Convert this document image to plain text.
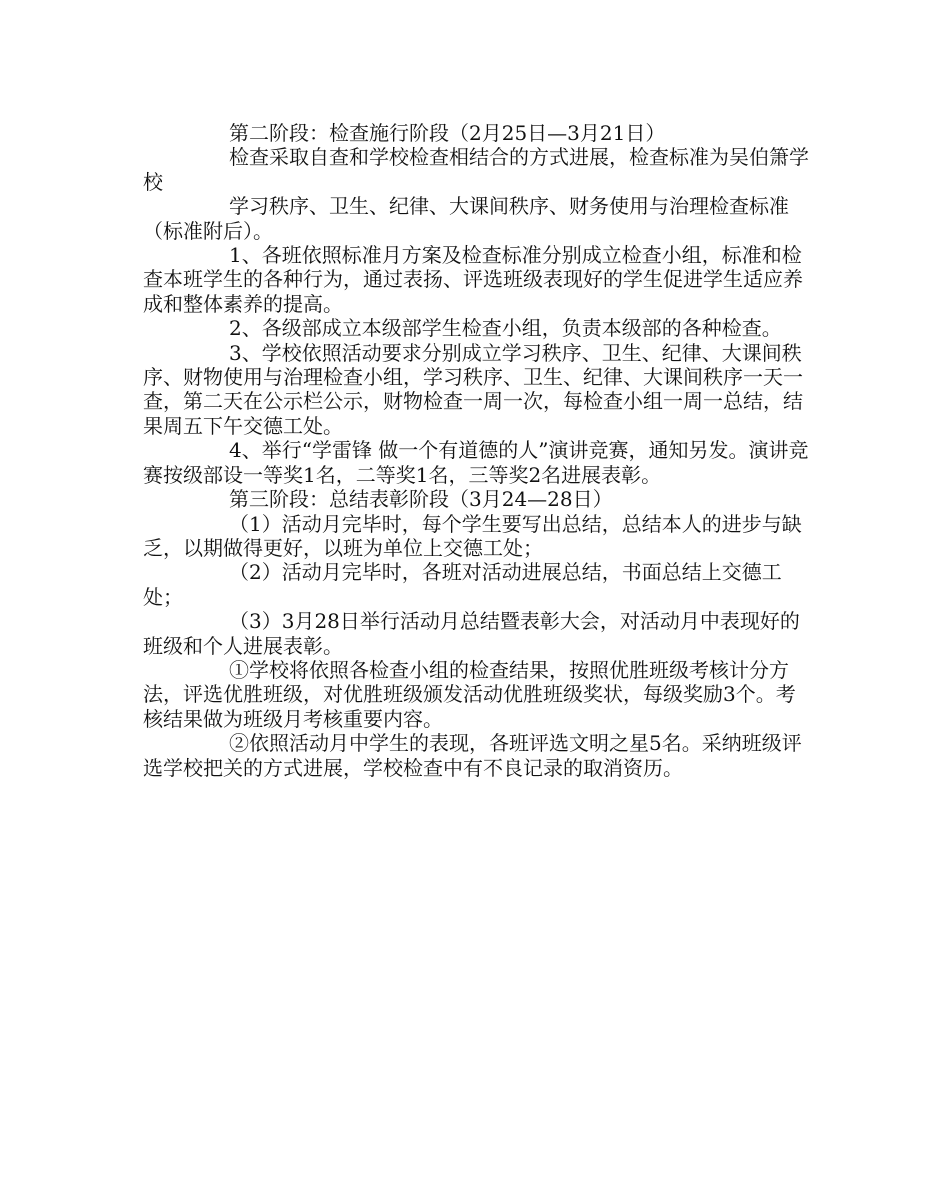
第二阶段：检查施行阶段（2月25日—3月21日）

检查采取自查和学校检查相结合的方式进展，检查标准为吴伯箫学校

学习秩序、卫生、纪律、大课间秩序、财务使用与治理检查标准（标准附后）。

1、各班依照标准月方案及检查标准分别成立检查小组，标准和检查本班学生的各种行为，通过表扬、评选班级表现好的学生促进学生适应养成和整体素养的提高。

2、各级部成立本级部学生检查小组，负责本级部的各种检查。

3、学校依照活动要求分别成立学习秩序、卫生、纪律、大课间秩序、财物使用与治理检查小组，学习秩序、卫生、纪律、大课间秩序一天一查，第二天在公示栏公示，财物检查一周一次，每检查小组一周一总结，结果周五下午交德工处。

4、举行“学雷锋 做一个有道德的人”演讲竞赛，通知另发。演讲竞赛按级部设一等奖1名，二等奖1名，三等奖2名进展表彰。

第三阶段：总结表彰阶段（3月24—28日）

（1）活动月完毕时，每个学生要写出总结，总结本人的进步与缺乏，以期做得更好，以班为单位上交德工处；

（2）活动月完毕时，各班对活动进展总结，书面总结上交德工处；

（3）3月28日举行活动月总结暨表彰大会，对活动月中表现好的班级和个人进展表彰。

①学校将依照各检查小组的检查结果，按照优胜班级考核计分方法，评选优胜班级，对优胜班级颁发活动优胜班级奖状，每级奖励3个。考核结果做为班级月考核重要内容。

②依照活动月中学生的表现，各班评选文明之星5名。采纳班级评选学校把关的方式进展，学校检查中有不良记录的取消资历。
